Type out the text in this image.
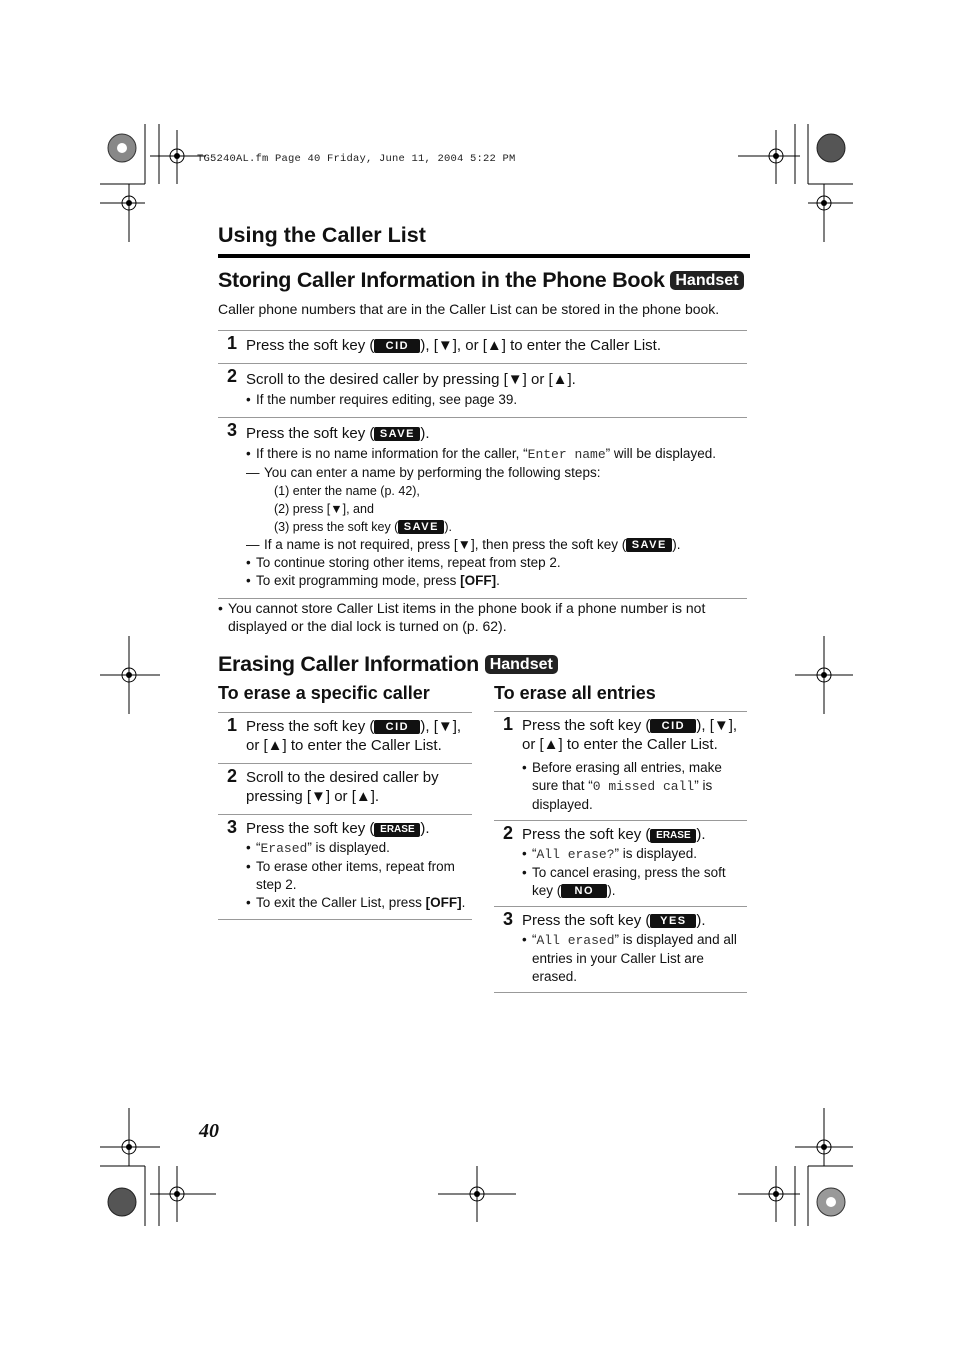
TG5240AL.fm Page 40 Friday, June 11, 2004 5:22 PM
Using the Caller List
Storing Caller Information in the Phone Book Handset
Caller phone numbers that are in the Caller List can be stored in the phone book.
1 Press the soft key ( CID ), [▼], or [▲] to enter the Caller List.
2 Scroll to the desired caller by pressing [▼] or [▲].
• If the number requires editing, see page 39.
3 Press the soft key ( SAVE ).
• If there is no name information for the caller, “Enter name” will be displayed.
— You can enter a name by performing the following steps:
(1) enter the name (p. 42),
(2) press [▼], and
(3) press the soft key ( SAVE ).
— If a name is not required, press [▼], then press the soft key ( SAVE ).
• To continue storing other items, repeat from step 2.
• To exit programming mode, press [OFF].
• You cannot store Caller List items in the phone book if a phone number is not displayed or the dial lock is turned on (p. 62).
Erasing Caller Information Handset
To erase a specific caller	To erase all entries
1 Press the soft key ( CID ), [▼], or [▲] to enter the Caller List.
2 Scroll to the desired caller by pressing [▼] or [▲].
3 Press the soft key ( ERASE ).
• “Erased” is displayed.
• To erase other items, repeat from step 2.
• To exit the Caller List, press [OFF].
1 Press the soft key ( CID ), [▼], or [▲] to enter the Caller List.
• Before erasing all entries, make sure that “0 missed call” is displayed.
2 Press the soft key ( ERASE ).
• “All erase?” is displayed.
• To cancel erasing, press the soft key ( NO ).
3 Press the soft key ( YES ).
• “All erased” is displayed and all entries in your Caller List are erased.
40
